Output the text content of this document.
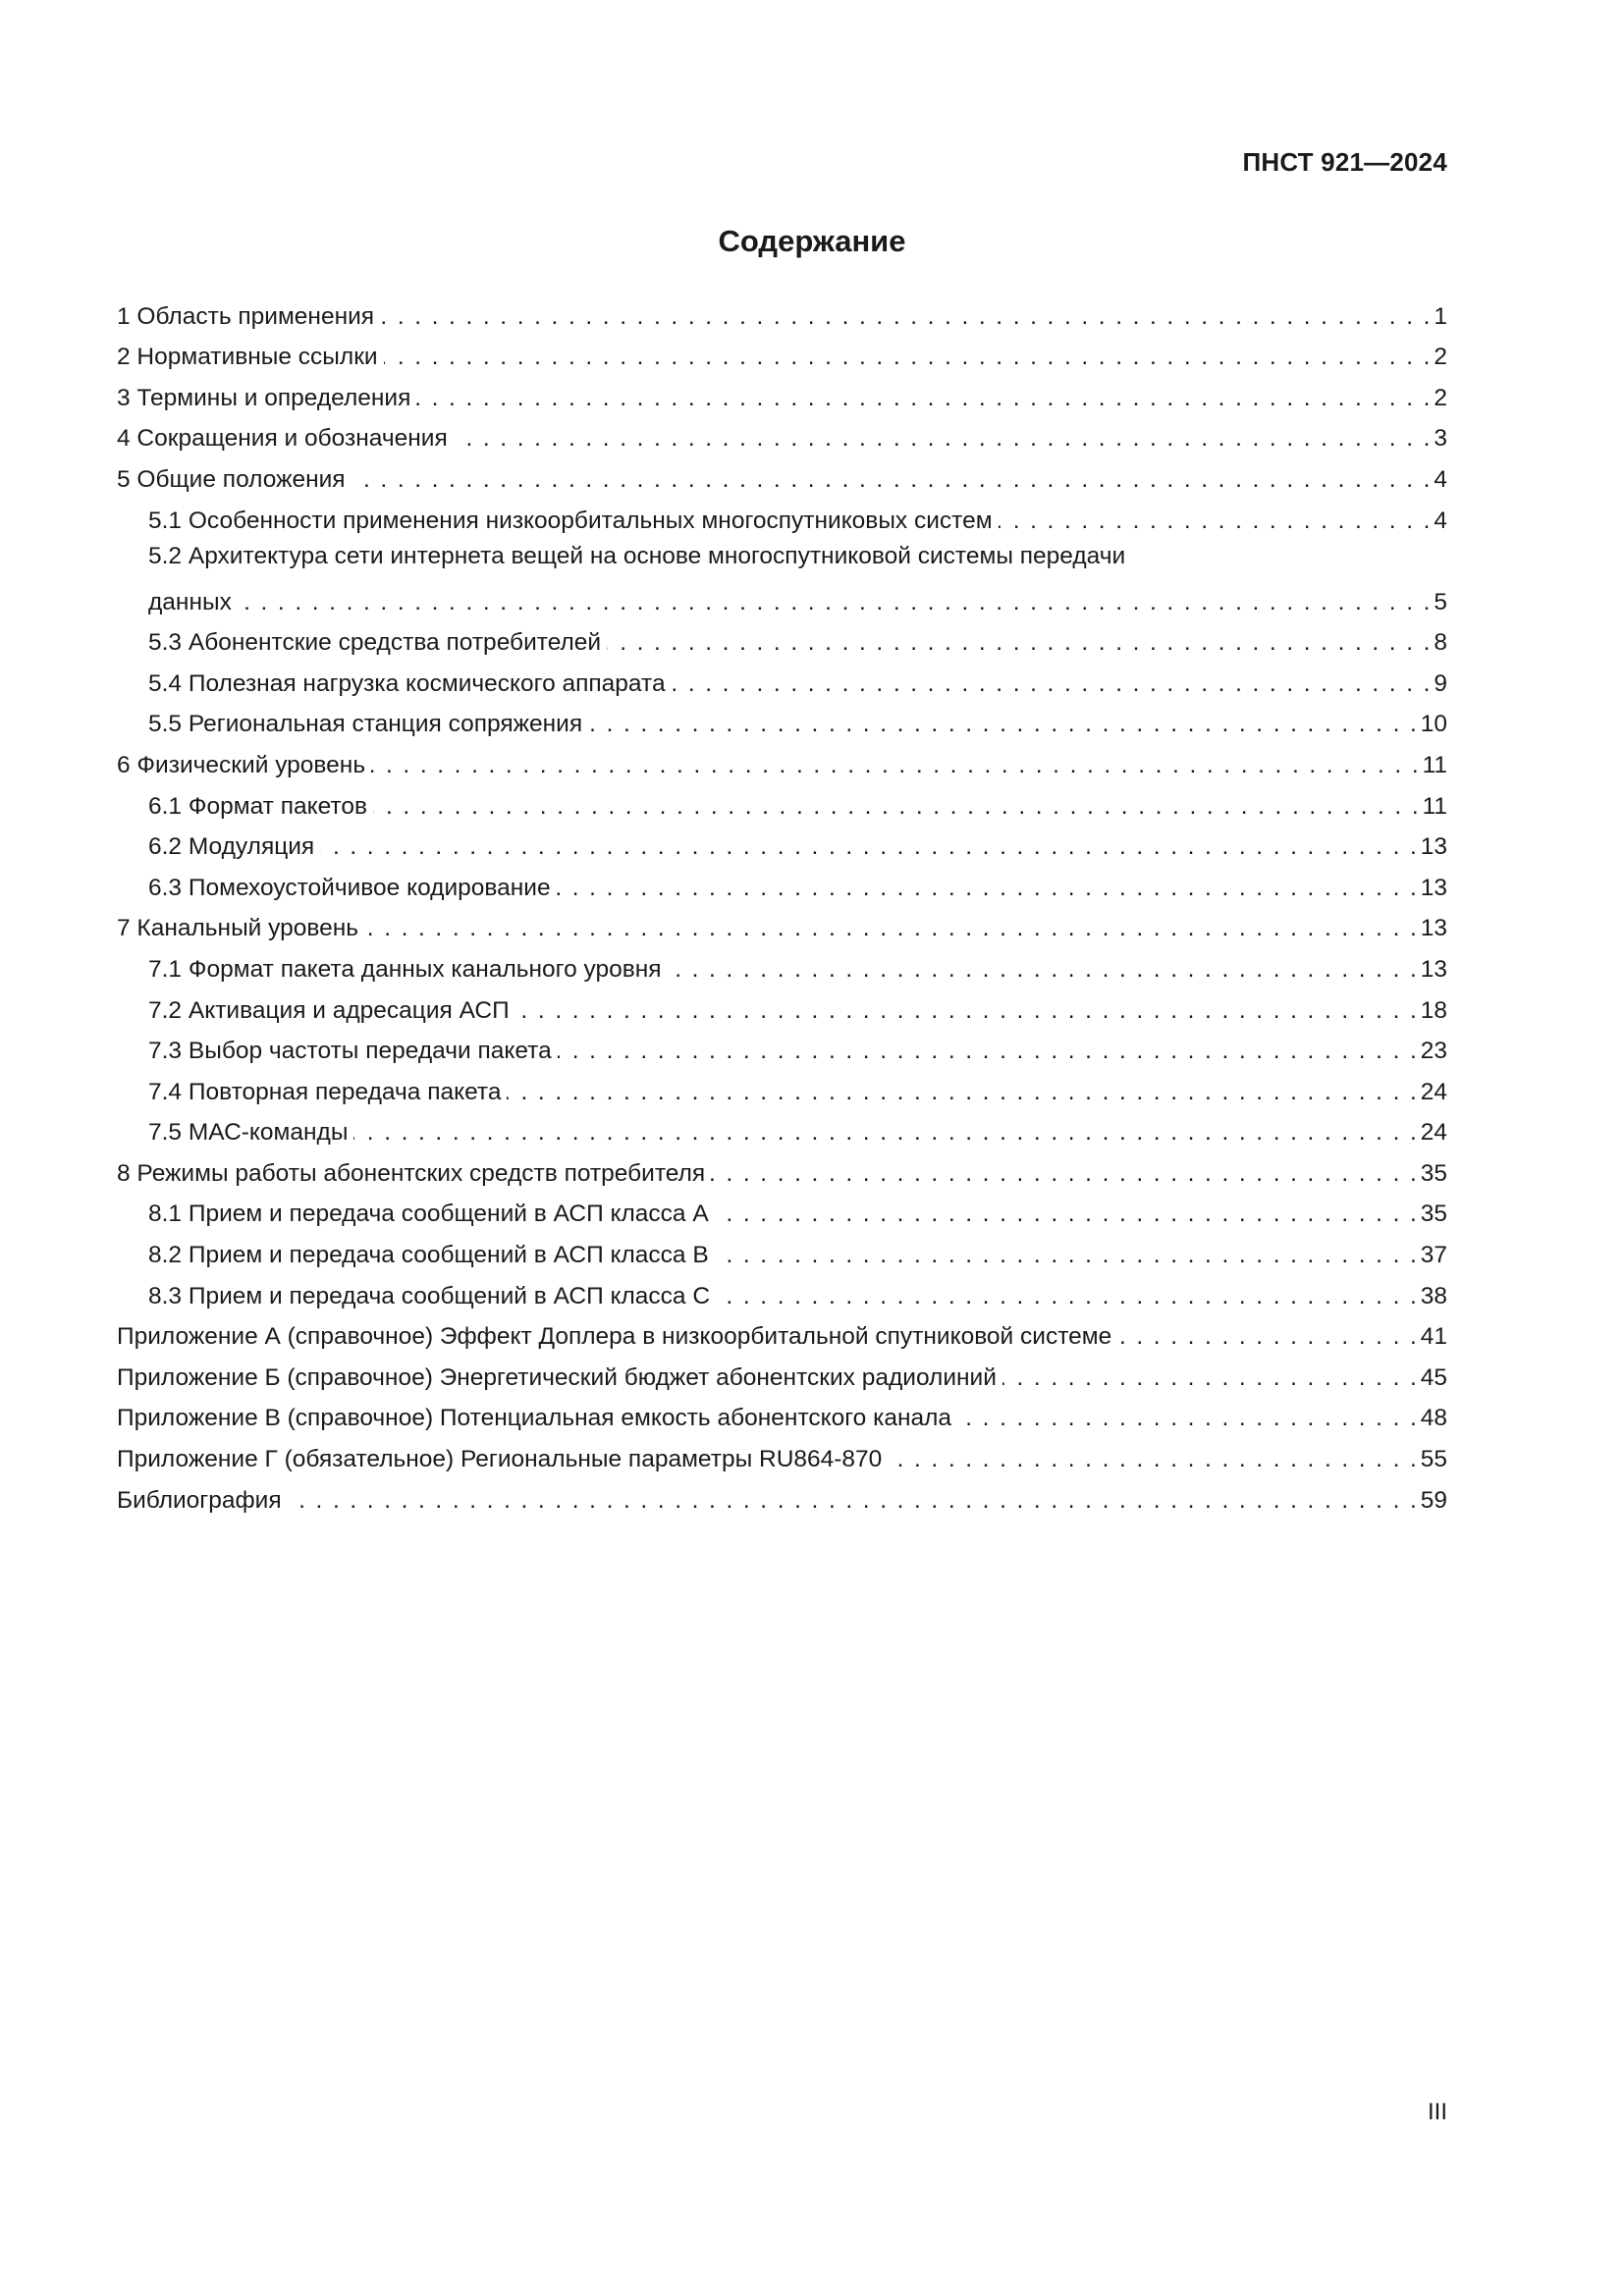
ПНСТ 921—2024
Содержание
1 Область применения . . .	1
2 Нормативные ссылки . . .	2
3 Термины и определения . . .	2
4 Сокращения и обозначения . . .	3
5 Общие положения . . .	4
5.1 Особенности применения низкоорбитальных многоспутниковых систем . . .	4
5.2 Архитектура сети интернета вещей на основе многоспутниковой системы передачи
данных . . .	5
5.3 Абонентские средства потребителей . . .	8
5.4 Полезная нагрузка космического аппарата . . .	9
5.5 Региональная станция сопряжения . . .	10
6 Физический уровень . . .	11
6.1 Формат пакетов . . .	11
6.2 Модуляция . . .	13
6.3 Помехоустойчивое кодирование . . .	13
7 Канальный уровень . . .	13
7.1 Формат пакета данных канального уровня . . .	13
7.2 Активация и адресация АСП . . .	18
7.3 Выбор частоты передачи пакета . . .	23
7.4 Повторная передача пакета . . .	24
7.5 МАС-команды . . .	24
8 Режимы работы абонентских средств потребителя . . .	35
8.1 Прием и передача сообщений в АСП класса А . . .	35
8.2 Прием и передача сообщений в АСП класса В . . .	37
8.3 Прием и передача сообщений в АСП класса С . . .	38
Приложение А (справочное) Эффект Доплера в низкоорбитальной спутниковой системе . . .	41
Приложение Б (справочное) Энергетический бюджет абонентских радиолиний . . .	45
Приложение В (справочное) Потенциальная емкость абонентского канала . . .	48
Приложение Г (обязательное) Региональные параметры RU864-870 . . .	55
Библиография . . .	59
III
